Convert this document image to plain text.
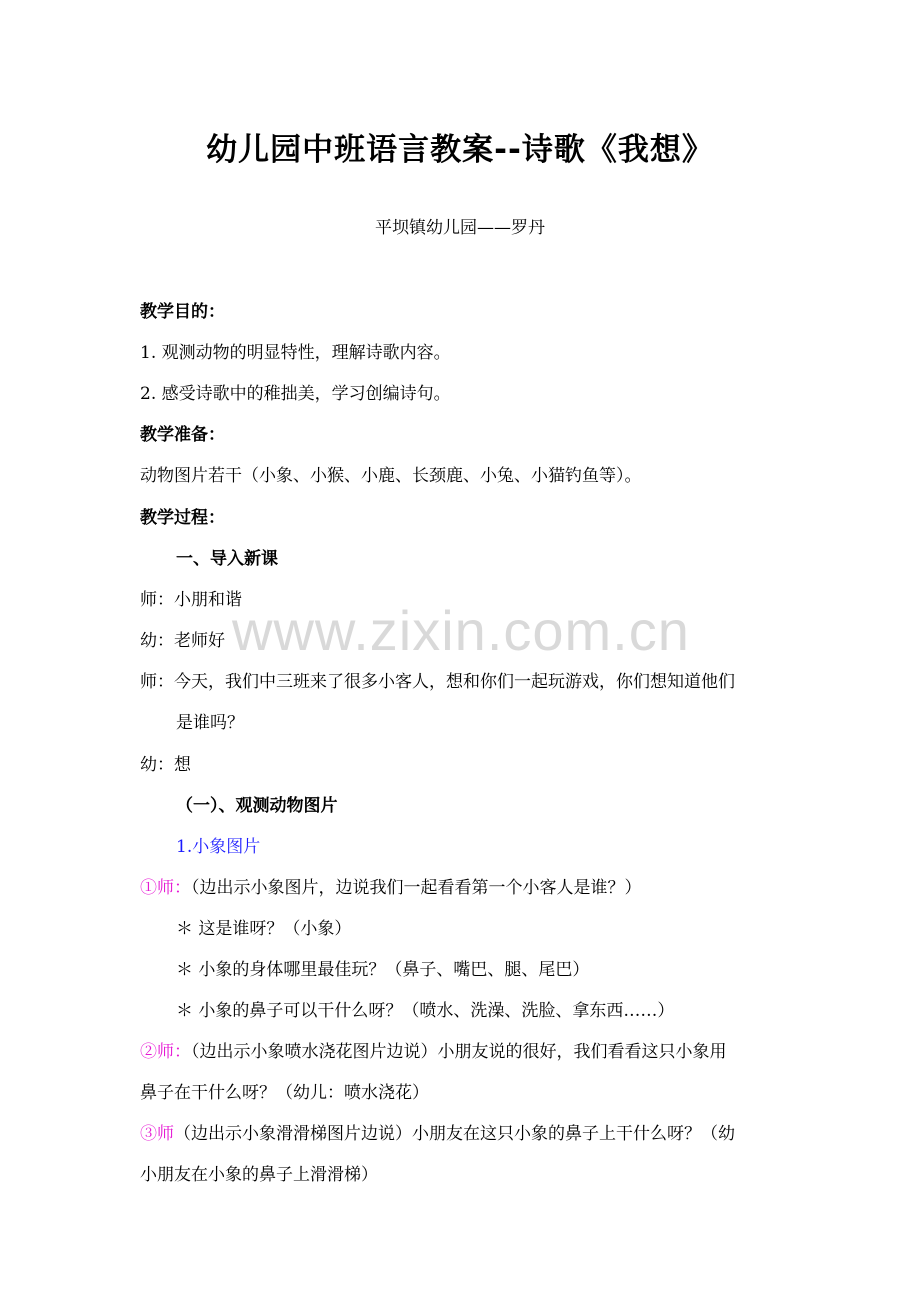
www.zixin.com.cn
幼儿园中班语言教案--诗歌《我想》
平坝镇幼儿园——罗丹
教学目的：
1. 观测动物的明显特性，理解诗歌内容。
2. 感受诗歌中的稚拙美，学习创编诗句。
教学准备：
动物图片若干（小象、小猴、小鹿、长颈鹿、小兔、小猫钓鱼等）。
教学过程：
一、导入新课
师：小朋和谐
幼：老师好
师：今天，我们中三班来了很多小客人，想和你们一起玩游戏，你们想知道他们
是谁吗？
幼：想
（一）、观测动物图片
1.小象图片
①师：（边出示小象图片，边说我们一起看看第一个小客人是谁？）
＊ 这是谁呀？（小象）
＊ 小象的身体哪里最佳玩？（鼻子、嘴巴、腿、尾巴）
＊ 小象的鼻子可以干什么呀？（喷水、洗澡、洗脸、拿东西……）
②师：（边出示小象喷水浇花图片边说）小朋友说的很好，我们看看这只小象用
鼻子在干什么呀？（幼儿：喷水浇花）
③师（边出示小象滑滑梯图片边说）小朋友在这只小象的鼻子上干什么呀？（幼
小朋友在小象的鼻子上滑滑梯）
